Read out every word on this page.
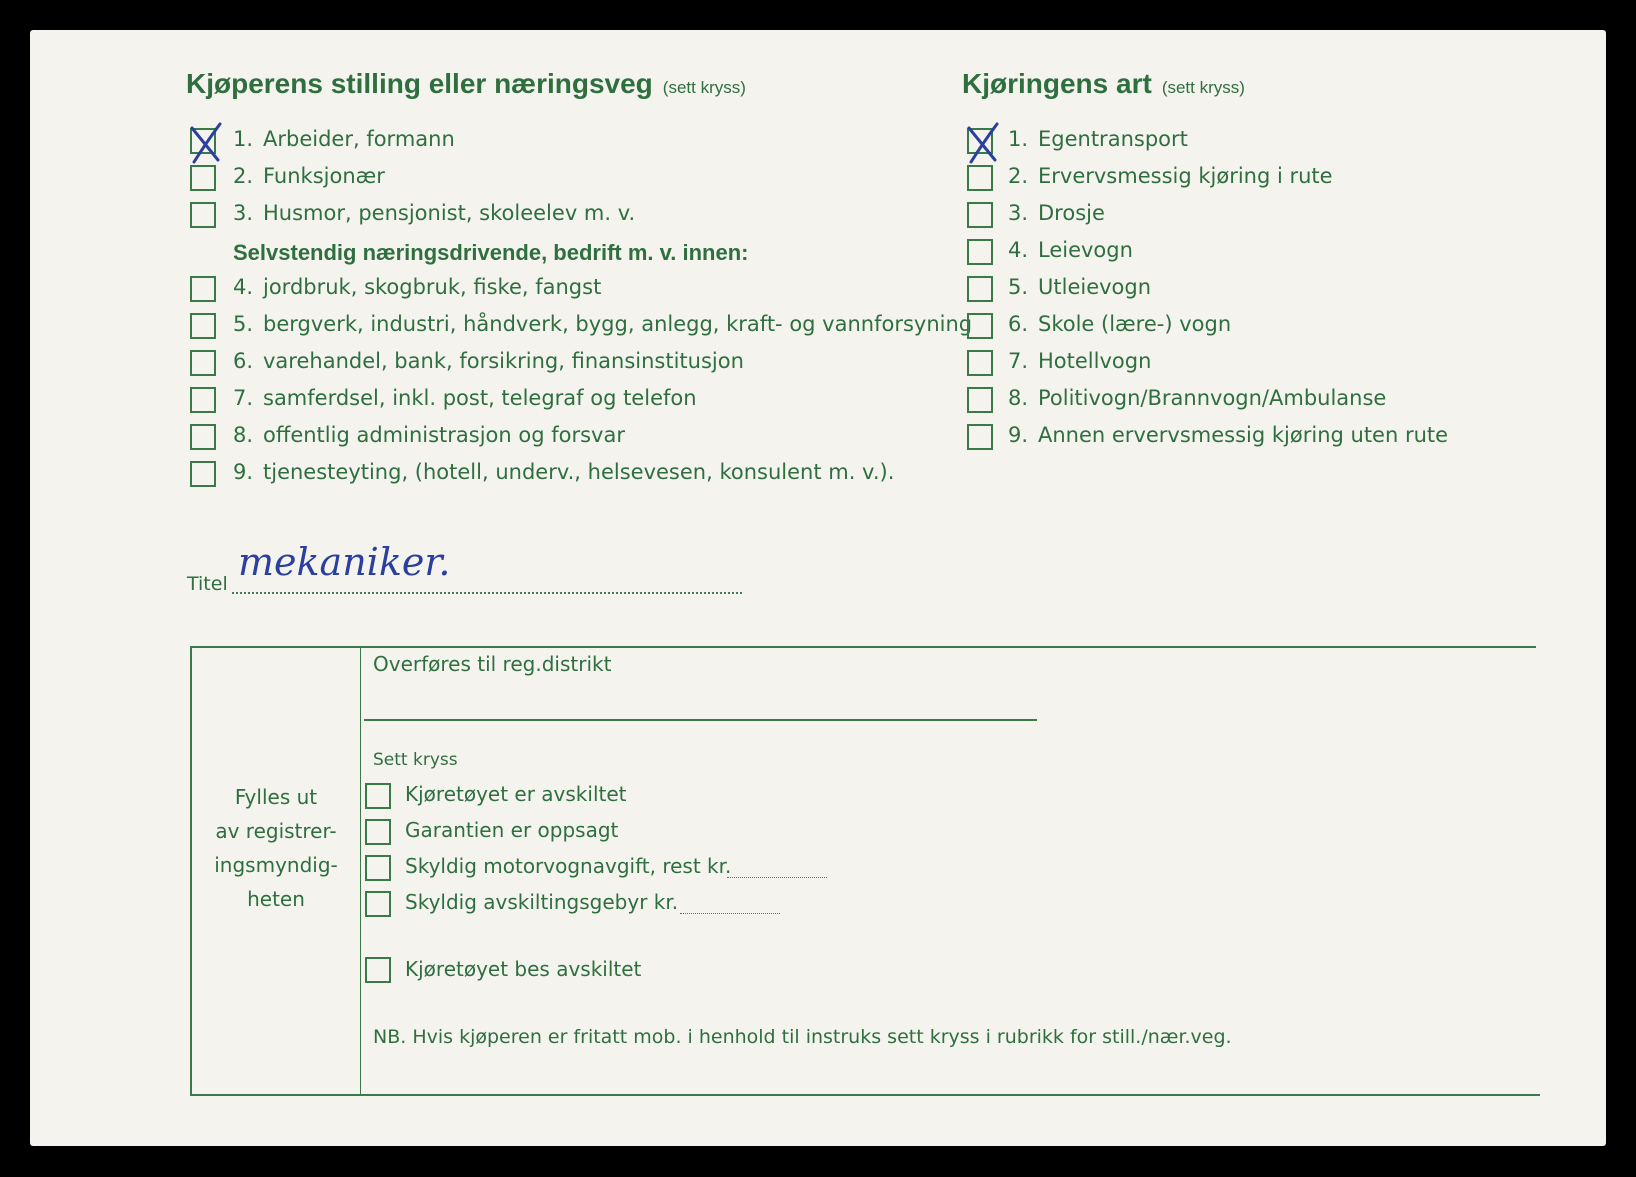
Kjøperens stilling eller næringsveg (sett kryss)
1. Arbeider, formann
2. Funksjonær
3. Husmor, pensjonist, skoleelev m. v.
Selvstendig næringsdrivende, bedrift m. v. innen:
4. jordbruk, skogbruk, fiske, fangst
5. bergverk, industri, håndverk, bygg, anlegg, kraft- og vannforsyning
6. varehandel, bank, forsikring, finansinstitusjon
7. samferdsel, inkl. post, telegraf og telefon
8. offentlig administrasjon og forsvar
9. tjenesteyting, (hotell, underv., helsevesen, konsulent m. v.).
Titel mekaniker.
Kjøringens art (sett kryss)
1. Egentransport
2. Ervervsmessig kjøring i rute
3. Drosje
4. Leievogn
5. Utleievogn
6. Skole (lære-) vogn
7. Hotellvogn
8. Politivogn/Brannvogn/Ambulanse
9. Annen ervervsmessig kjøring uten rute
Fylles ut
av registrer-
ingsmyndig-
heten
Overføres til reg.distrikt
Sett kryss
Kjøretøyet er avskiltet
Garantien er oppsagt
Skyldig motorvognavgift, rest kr.
Skyldig avskiltingsgebyr kr.
Kjøretøyet bes avskiltet
NB. Hvis kjøperen er fritatt mob. i henhold til instruks sett kryss i rubrikk for still./nær.veg.
